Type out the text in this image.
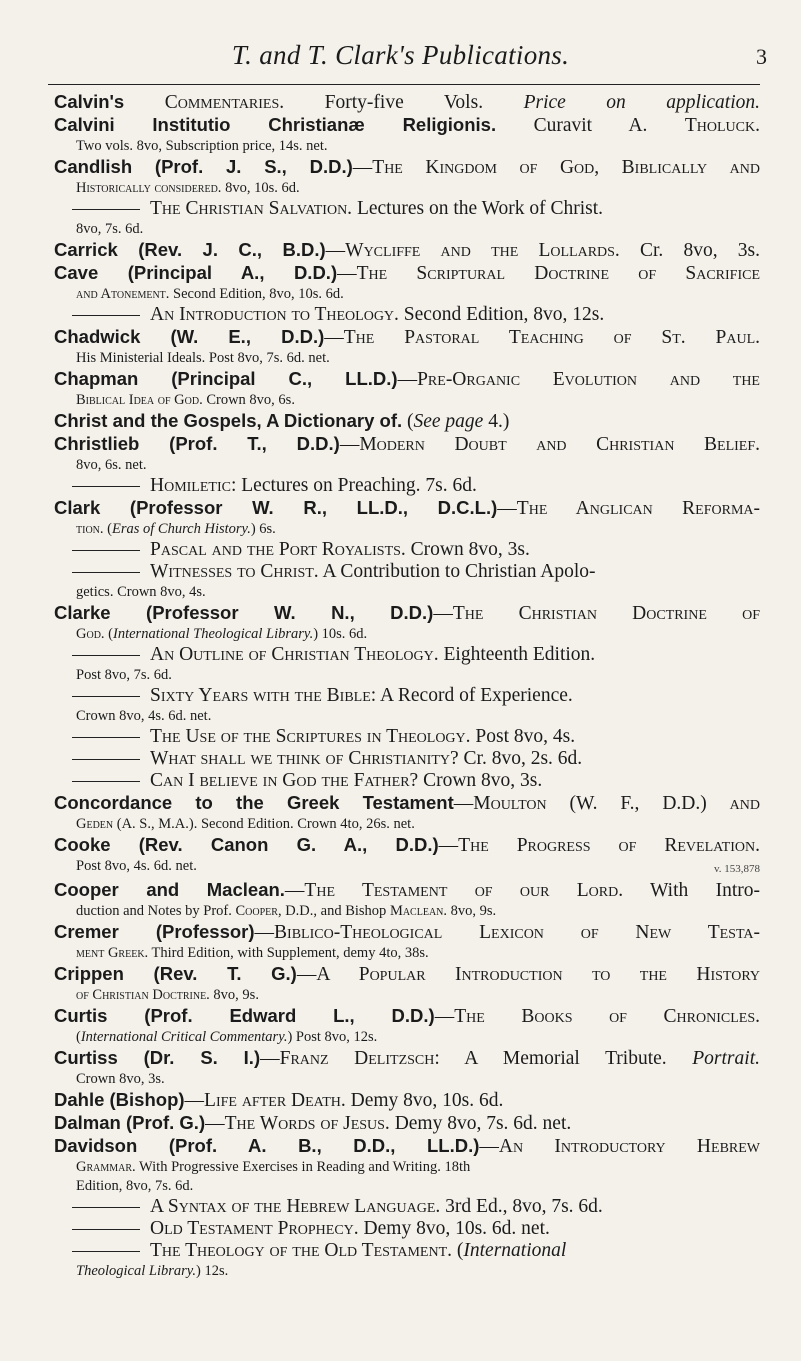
T. and T. Clark's Publications.	3
Calvin's Commentaries. Forty-five Vols. Price on application.
Calvini Institutio Christianæ Religionis. Curavit A. Tholuck.
Two vols. 8vo, Subscription price, 14s. net.
Candlish (Prof. J. S., D.D.)—The Kingdom of God, Biblically and
Historically considered. 8vo, 10s. 6d.
The Christian Salvation. Lectures on the Work of Christ.
8vo, 7s. 6d.
Carrick (Rev. J. C., B.D.)—Wycliffe and the Lollards. Cr. 8vo, 3s.
Cave (Principal A., D.D.)—The Scriptural Doctrine of Sacrifice
and Atonement. Second Edition, 8vo, 10s. 6d.
An Introduction to Theology. Second Edition, 8vo, 12s.
Chadwick (W. E., D.D.)—The Pastoral Teaching of St. Paul.
His Ministerial Ideals. Post 8vo, 7s. 6d. net.
Chapman (Principal C., LL.D.)—Pre-Organic Evolution and the
Biblical Idea of God. Crown 8vo, 6s.
Christ and the Gospels, A Dictionary of. (See page 4.)
Christlieb (Prof. T., D.D.)—Modern Doubt and Christian Belief.
8vo, 6s. net.
Homiletic: Lectures on Preaching. 7s. 6d.
Clark (Professor W. R., LL.D., D.C.L.)—The Anglican Reforma-
tion. (Eras of Church History.) 6s.
Pascal and the Port Royalists. Crown 8vo, 3s.
Witnesses to Christ. A Contribution to Christian Apolo-
getics. Crown 8vo, 4s.
Clarke (Professor W. N., D.D.)—The Christian Doctrine of
God. (International Theological Library.) 10s. 6d.
An Outline of Christian Theology. Eighteenth Edition.
Post 8vo, 7s. 6d.
Sixty Years with the Bible: A Record of Experience.
Crown 8vo, 4s. 6d. net.
The Use of the Scriptures in Theology. Post 8vo, 4s.
What shall we think of Christianity? Cr. 8vo, 2s. 6d.
Can I believe in God the Father? Crown 8vo, 3s.
Concordance to the Greek Testament—Moulton (W. F., D.D.) and
Geden (A. S., M.A.). Second Edition. Crown 4to, 26s. net.
Cooke (Rev. Canon G. A., D.D.)—The Progress of Revelation.
Post 8vo, 4s. 6d. net.	v. 153,878
Cooper and Maclean.—The Testament of our Lord. With Intro-
duction and Notes by Prof. Cooper, D.D., and Bishop Maclean. 8vo, 9s.
Cremer (Professor)—Biblico-Theological Lexicon of New Testa-
ment Greek. Third Edition, with Supplement, demy 4to, 38s.
Crippen (Rev. T. G.)—A Popular Introduction to the History
of Christian Doctrine. 8vo, 9s.
Curtis (Prof. Edward L., D.D.)—The Books of Chronicles.
(International Critical Commentary.) Post 8vo, 12s.
Curtiss (Dr. S. I.)—Franz Delitzsch: A Memorial Tribute. Portrait.
Crown 8vo, 3s.
Dahle (Bishop)—Life after Death. Demy 8vo, 10s. 6d.
Dalman (Prof. G.)—The Words of Jesus. Demy 8vo, 7s. 6d. net.
Davidson (Prof. A. B., D.D., LL.D.)—An Introductory Hebrew
Grammar. With Progressive Exercises in Reading and Writing. 18th
Edition, 8vo, 7s. 6d.
A Syntax of the Hebrew Language. 3rd Ed., 8vo, 7s. 6d.
Old Testament Prophecy. Demy 8vo, 10s. 6d. net.
The Theology of the Old Testament. (International
Theological Library.) 12s.
